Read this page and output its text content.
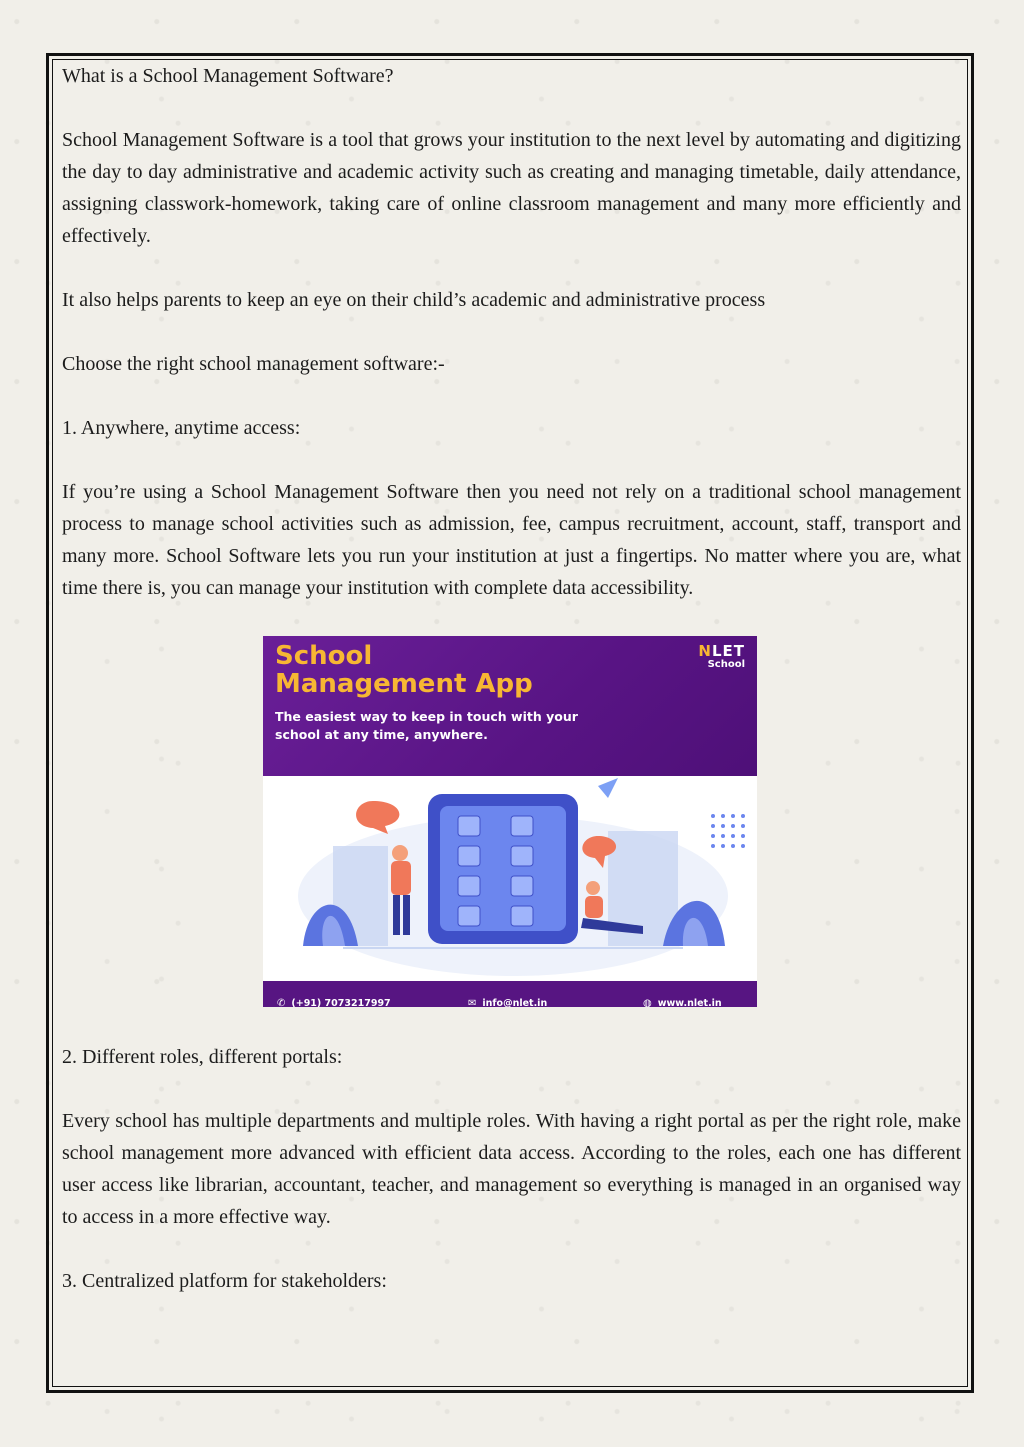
What is a School Management Software?

School Management Software is a tool that grows your institution to the next level by automating and digitizing the day to day administrative and academic activity such as creating and managing timetable, daily attendance, assigning classwork-homework, taking care of online classroom management and many more efficiently and effectively.

It also helps parents to keep an eye on their child’s academic and administrative process

Choose the right school management software:-

1. Anywhere, anytime access:

If you’re using a School Management Software then you need not rely on a traditional school management process to manage school activities such as admission, fee, campus recruitment, account, staff, transport and many more. School Software lets you run your institution at just a fingertips. No matter where you are, what time there is, you can manage your institution with complete data accessibility.

School
Management App
The easiest way to keep in touch with your school at any time, anywhere.
NLET
School
✆ (+91) 7073217997	✉ info@nlet.in	◍ www.nlet.in

2. Different roles, different portals:

Every school has multiple departments and multiple roles. With having a right portal as per the right role, make school management more advanced with efficient data access. According to the roles, each one has different user access like librarian, accountant, teacher, and management so everything is managed in an organised way to access in a more effective way.

3. Centralized platform for stakeholders:
